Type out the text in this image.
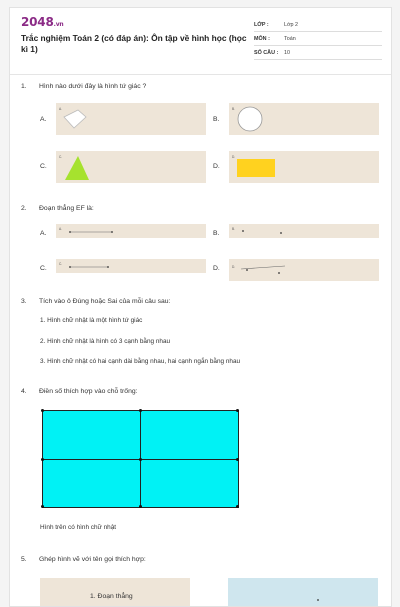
2048.vn
Trắc nghiệm Toán 2 (có đáp án): Ôn tập về hình học (học kì 1)
LỚP :	Lớp 2
MÔN :	Toán
SỐ CÂU : 10
1. Hình nào dưới đây là hình tứ giác ?
A.
A.
B.
B.
C.
C.
D.
D.
2. Đoạn thẳng EF là:
A.
A.
B.
B.
C.
C.
D.	D.
3. Tích vào ô Đúng hoặc Sai của mỗi câu sau:
1. Hình chữ nhật là một hình tứ giác
2. Hình chữ nhật là hình có 3 cạnh bằng nhau
3. Hình chữ nhật có hai cạnh dài bằng nhau, hai cạnh ngắn bằng nhau
4. Điền số thích hợp vào chỗ trống:
Hình trên có hình chữ nhật
5. Ghép hình vẽ với tên gọi thích hợp:
1. Đoạn thẳng
